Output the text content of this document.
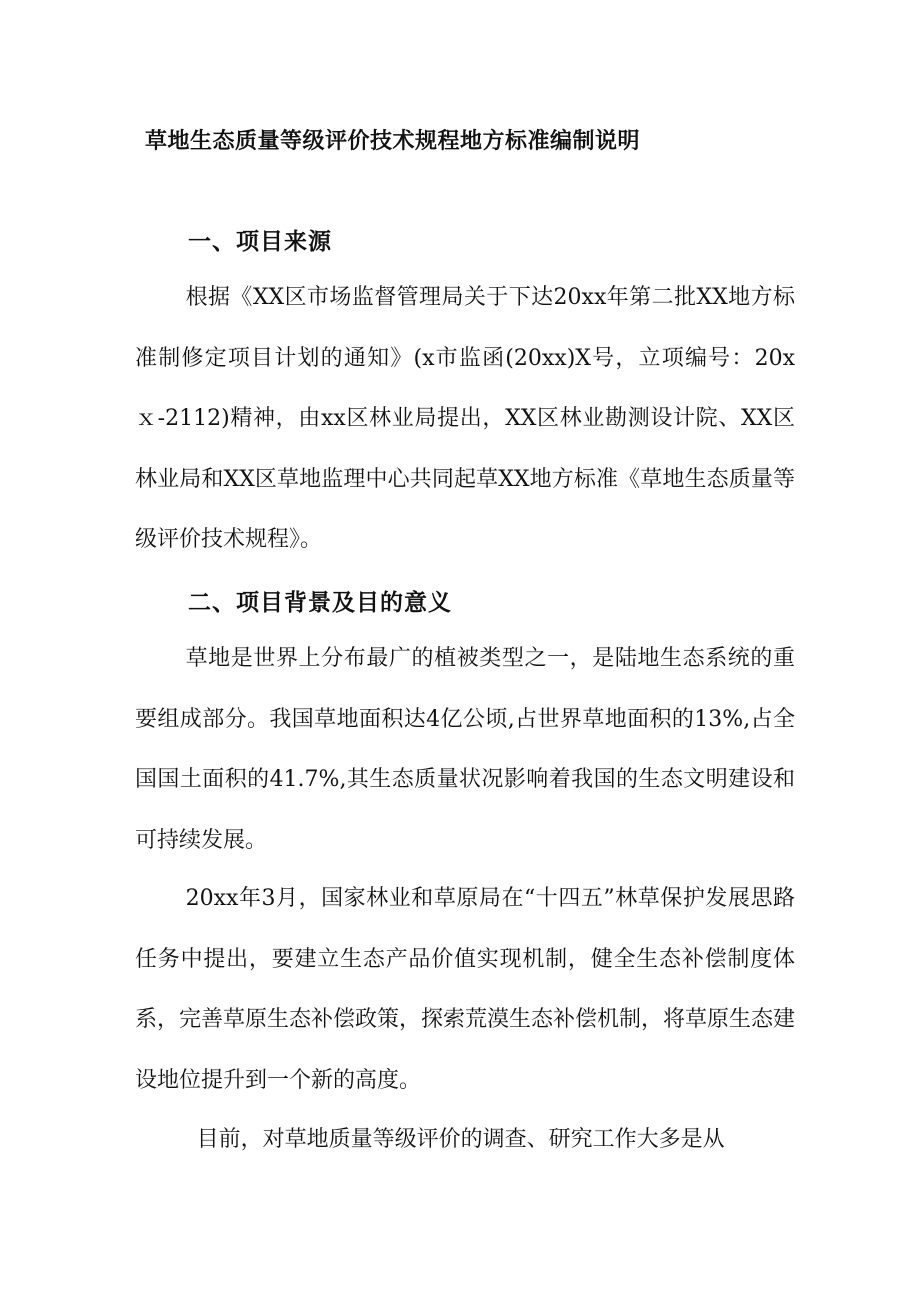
草地生态质量等级评价技术规程地方标准编制说明
一、项目来源
根据《XX区市场监督管理局关于下达20xx年第二批XX地方标准制修定项目计划的通知》(x市监函(20xx)X号，立项编号：20xｘ-2112)精神，由xx区林业局提出，XX区林业勘测设计院、XX区林业局和XX区草地监理中心共同起草XX地方标准《草地生态质量等级评价技术规程》。
二、项目背景及目的意义
草地是世界上分布最广的植被类型之一，是陆地生态系统的重要组成部分。我国草地面积达4亿公顷,占世界草地面积的13%,占全国国土面积的41.7%,其生态质量状况影响着我国的生态文明建设和可持续发展。
20xx年3月，国家林业和草原局在“十四五”林草保护发展思路任务中提出，要建立生态产品价值实现机制，健全生态补偿制度体系，完善草原生态补偿政策，探索荒漠生态补偿机制，将草原生态建设地位提升到一个新的高度。
目前，对草地质量等级评价的调查、研究工作大多是从
